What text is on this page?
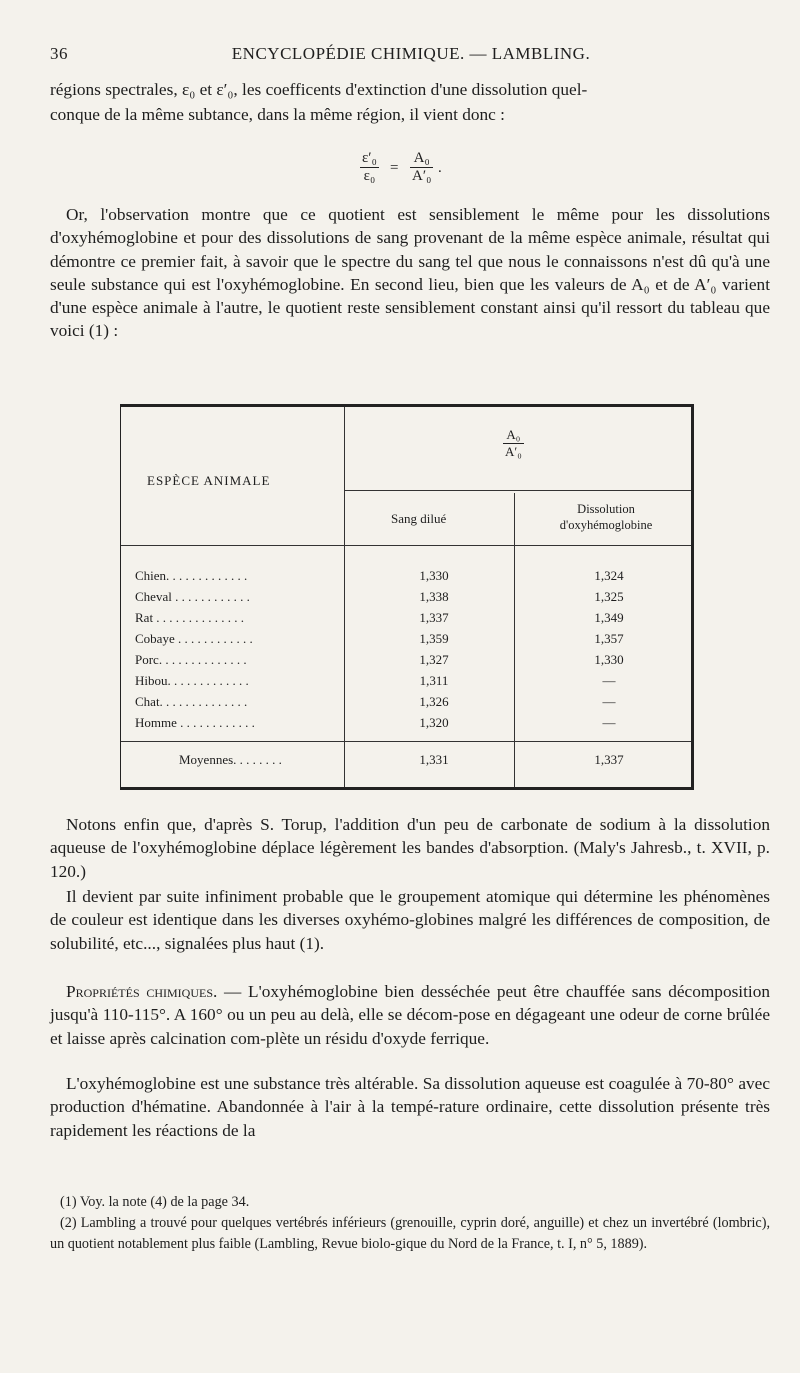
36	ENCYCLOPÉDIE CHIMIQUE. — LAMBLING.

régions spectrales, ε₀ et ε′₀, les coefficents d'extinction d'une dissolution quel-

conque de la même subtance, dans la même région, il vient donc :

$\frac{\text{ε′₀}}{\text{ε₀}} = \frac{\text{A₀}}{\text{A′₀}}$ .

Or, l'observation montre que ce quotient est sensiblement le même pour les dissolutions d'oxyhémoglobine et pour des dissolutions de sang provenant de la même espèce animale, résultat qui démontre ce premier fait, à savoir que le spectre du sang tel que nous le connaissons n'est dû qu'à une seule substance qui est l'oxyhémoglobine. En second lieu, bien que les valeurs de A₀ et de A′₀ varient d'une espèce animale à l'autre, le quotient reste sensiblement constant ainsi qu'il ressort du tableau que voici (1) :

ESPÈCE ANIMALE
$\frac{\text{A₀}}{\text{A′₀}}$
Sang dilué
Dissolution
d'oxyhémoglobine
Chien. . . . . . . . . . . . .	1,330	1,324
Cheval . . . . . . . . . . . .	1,338	1,325
Rat . . . . . . . . . . . . . .	1,337	1,349
Cobaye . . . . . . . . . . . .	1,359	1,357
Porc. . . . . . . . . . . . . .	1,327	1,330
Hibou. . . . . . . . . . . . .	1,311	—
Chat. . . . . . . . . . . . . .	1,326	—
Homme . . . . . . . . . . . .	1,320	—
Moyennes. . . . . . . .	1,331	1,337

Notons enfin que, d'après S. Torup, l'addition d'un peu de carbonate de sodium à la dissolution aqueuse de l'oxyhémoglobine déplace légèrement les bandes d'absorption. (Maly's Jahresb., t. XVII, p. 120.)

Il devient par suite infiniment probable que le groupement atomique qui détermine les phénomènes de couleur est identique dans les diverses oxyhémo-globines malgré les différences de composition, de solubilité, etc..., signalées plus haut (1).

Propriétés chimiques. — L'oxyhémoglobine bien desséchée peut être chauffée sans décomposition jusqu'à 110-115°. A 160° ou un peu au delà, elle se décom-pose en dégageant une odeur de corne brûlée et laisse après calcination com-plète un résidu d'oxyde ferrique.

L'oxyhémoglobine est une substance très altérable. Sa dissolution aqueuse est coagulée à 70-80° avec production d'hématine. Abandonnée à l'air à la tempé-rature ordinaire, cette dissolution présente très rapidement les réactions de la

(1) Voy. la note (4) de la page 34.

(2) Lambling a trouvé pour quelques vertébrés inférieurs (grenouille, cyprin doré, anguille) et chez un invertébré (lombric), un quotient notablement plus faible (Lambling, Revue biolo-gique du Nord de la France, t. I, n° 5, 1889).
